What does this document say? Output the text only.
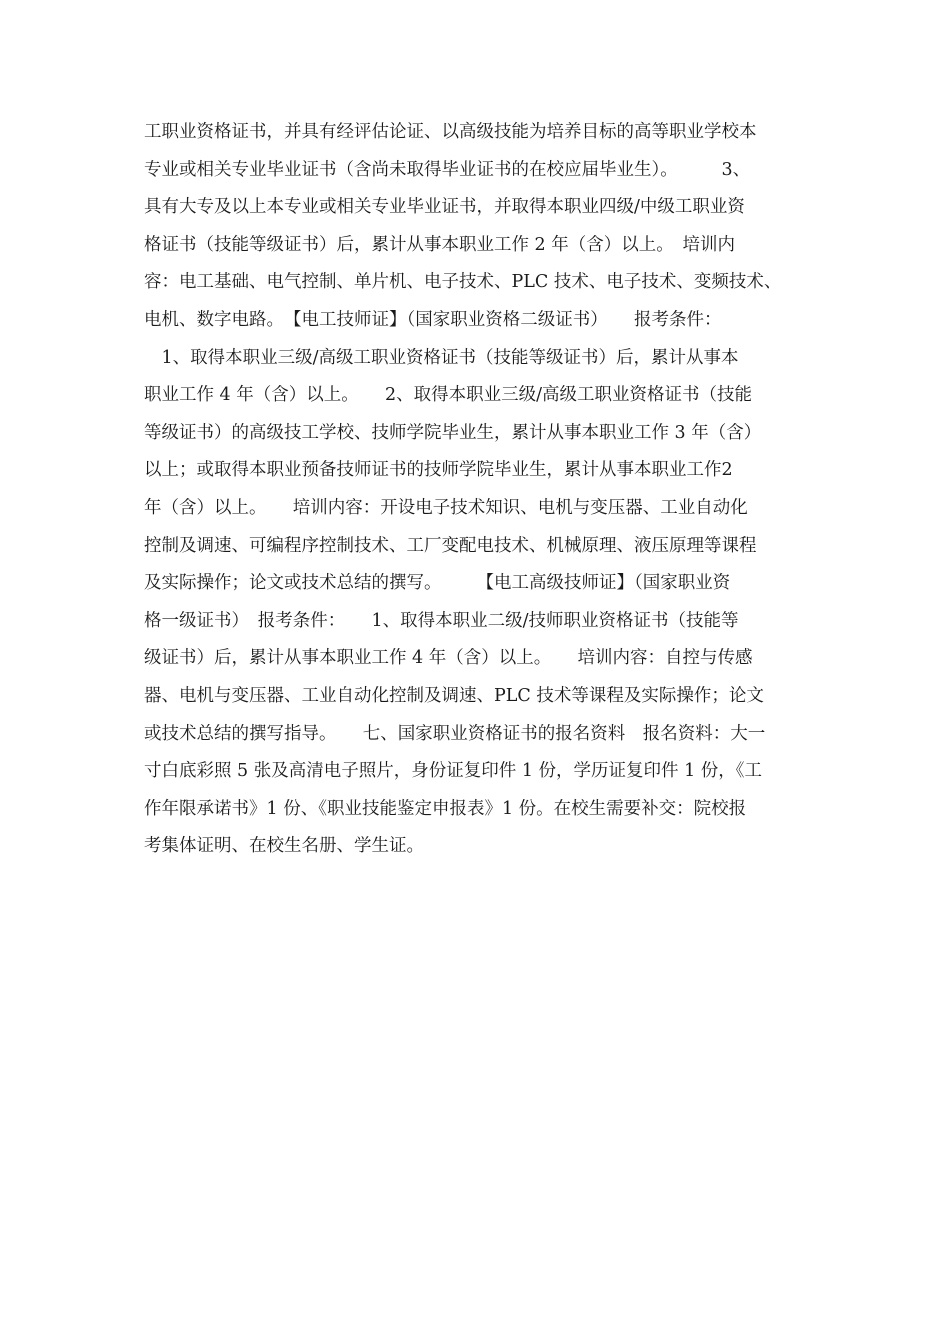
工职业资格证书，并具有经评估论证、以高级技能为培养目标的高等职业学校本
专业或相关专业毕业证书（含尚未取得毕业证书的在校应届毕业生）。　　　3、
具有大专及以上本专业或相关专业毕业证书，并取得本职业四级/中级工职业资
格证书（技能等级证书）后，累计从事本职业工作 2 年（含）以上。　培训内
容：电工基础、电气控制、单片机、电子技术、PLC 技术、电子技术、变频技术、
电机、数字电路。　【电工技师证】（国家职业资格二级证书）　　报考条件：
　1、取得本职业三级/高级工职业资格证书（技能等级证书）后，累计从事本
职业工作 4 年（含）以上。　　2、取得本职业三级/高级工职业资格证书（技能
等级证书）的高级技工学校、技师学院毕业生，累计从事本职业工作 3 年（含）
以上；或取得本职业预备技师证书的技师学院毕业生，累计从事本职业工作2
年（含）以上。　　培训内容：开设电子技术知识、电机与变压器、工业自动化
控制及调速、可编程序控制技术、工厂变配电技术、机械原理、液压原理等课程
及实际操作；论文或技术总结的撰写。　　　【电工高级技师证】（国家职业资
格一级证书）　报考条件：　　1、取得本职业二级/技师职业资格证书（技能等
级证书）后，累计从事本职业工作 4 年（含）以上。　　培训内容：自控与传感
器、电机与变压器、工业自动化控制及调速、PLC 技术等课程及实际操作；论文
或技术总结的撰写指导。　　七、国家职业资格证书的报名资料　报名资料：大一
寸白底彩照 5 张及高清电子照片，身份证复印件 1 份，学历证复印件 1 份，《工
作年限承诺书》1 份、《职业技能鉴定申报表》1 份。在校生需要补交：院校报
考集体证明、在校生名册、学生证。
